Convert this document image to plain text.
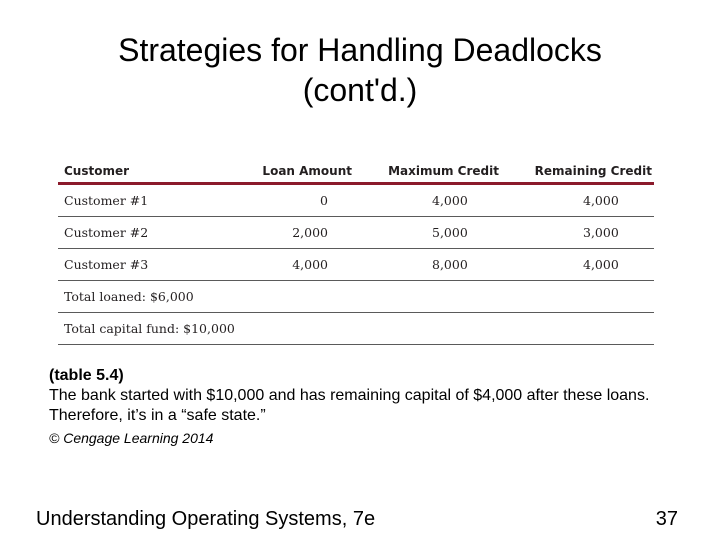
Strategies for Handling Deadlocks
(cont'd.)
Customer	Loan Amount	Maximum Credit	Remaining Credit
Customer #1	0	4,000	4,000
Customer #2	2,000	5,000	3,000
Customer #3	4,000	8,000	4,000
Total loaned: $6,000
Total capital fund: $10,000
(table 5.4)
The bank started with $10,000 and has remaining capital of $4,000 after these loans. Therefore, it’s in a “safe state.”
© Cengage Learning 2014
Understanding Operating Systems, 7e	37
